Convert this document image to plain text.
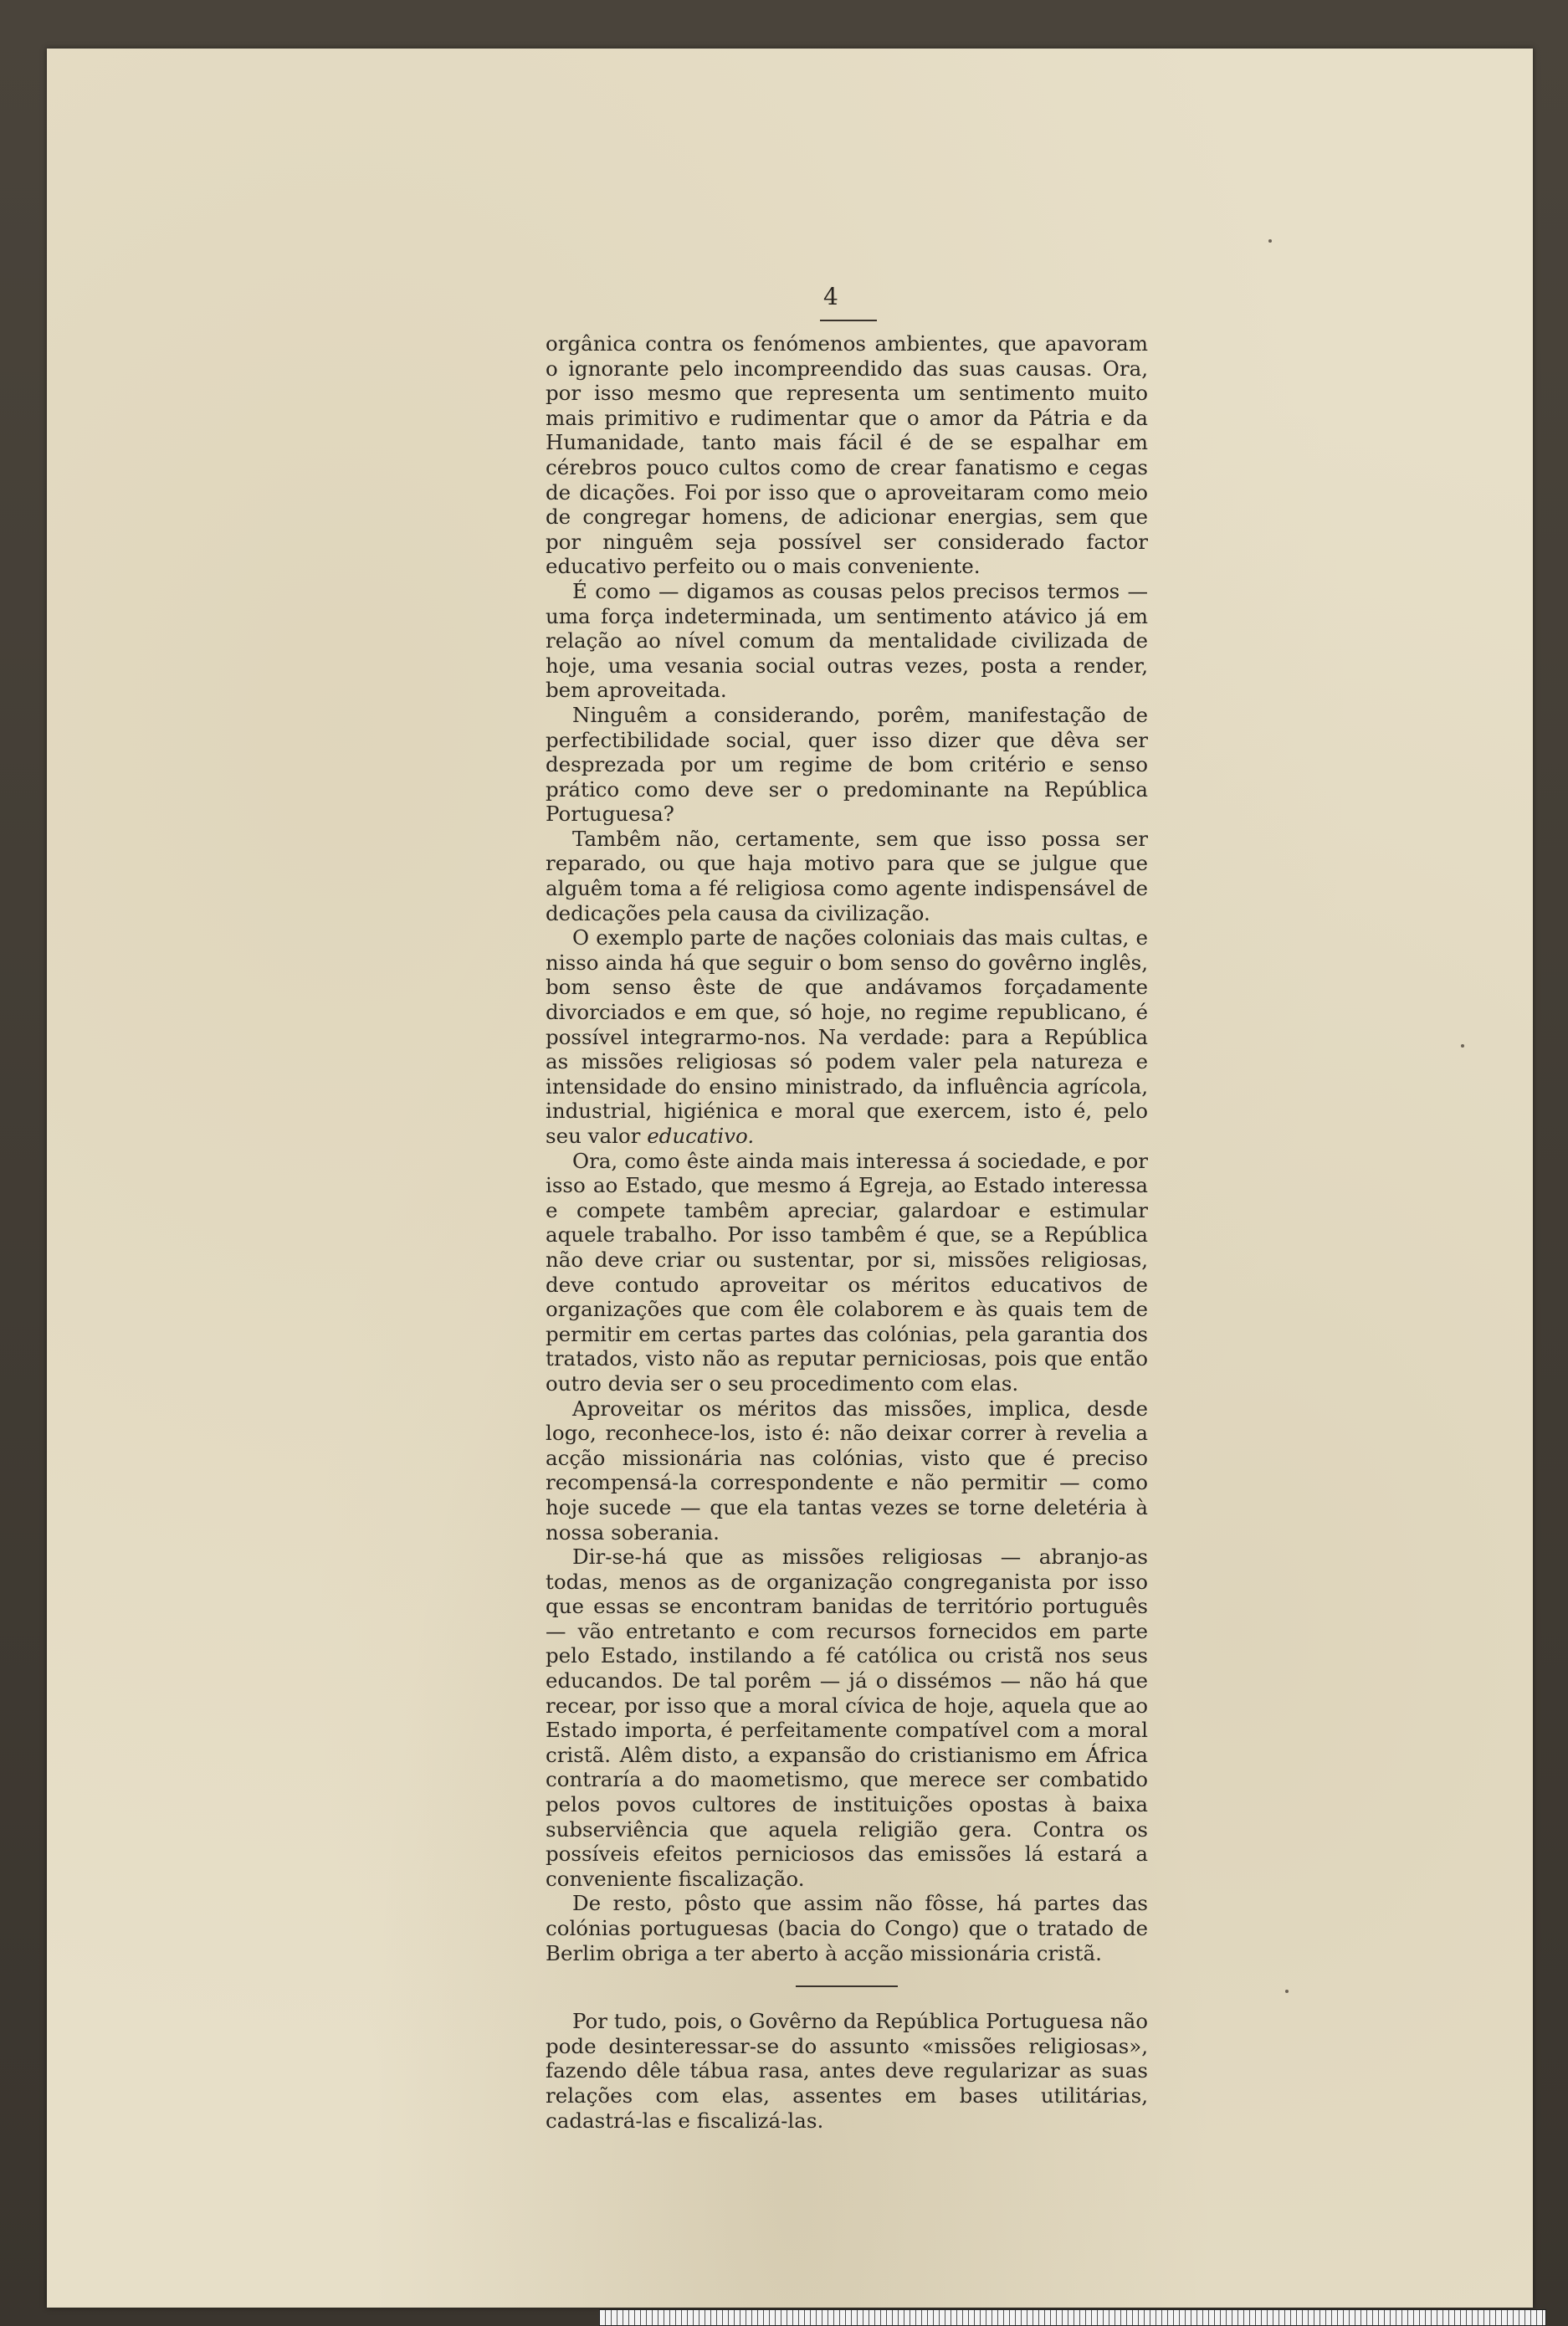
4

orgânica contra os fenómenos ambientes, que apavoram o ignorante pelo incompreendido das suas causas. Ora, por isso mesmo que representa um sentimento muito mais primitivo e rudimentar que o amor da Pátria e da Humanidade, tanto mais fácil é de se espalhar em cérebros pouco cultos como de crear fanatismo e cegas de dicações. Foi por isso que o aproveitaram como meio de congregar homens, de adicionar energias, sem que por ninguêm seja possível ser considerado factor educativo perfeito ou o mais conveniente.

É como — digamos as cousas pelos precisos termos — uma força indeterminada, um sentimento atávico já em relação ao nível comum da mentalidade civilizada de hoje, uma vesania social outras vezes, posta a render, bem aproveitada.

Ninguêm a considerando, porêm, manifestação de perfectibilidade social, quer isso dizer que dêva ser desprezada por um regime de bom critério e senso prático como deve ser o predominante na República Portuguesa?

Tambêm não, certamente, sem que isso possa ser reparado, ou que haja motivo para que se julgue que alguêm toma a fé religiosa como agente indispensável de dedicações pela causa da civilização.

O exemplo parte de nações coloniais das mais cultas, e nisso ainda há que seguir o bom senso do govêrno inglês, bom senso êste de que andávamos forçadamente divorciados e em que, só hoje, no regime republicano, é possível integrarmo-nos. Na verdade: para a República as missões religiosas só podem valer pela natureza e intensidade do ensino ministrado, da influência agrícola, industrial, higiénica e moral que exercem, isto é, pelo seu valor educativo.

Ora, como êste ainda mais interessa á sociedade, e por isso ao Estado, que mesmo á Egreja, ao Estado interessa e compete tambêm apreciar, galardoar e estimular aquele trabalho. Por isso tambêm é que, se a República não deve criar ou sustentar, por si, missões religiosas, deve contudo aproveitar os méritos educativos de organizações que com êle colaborem e às quais tem de permitir em certas partes das colónias, pela garantia dos tratados, visto não as reputar perniciosas, pois que então outro devia ser o seu procedimento com elas.

Aproveitar os méritos das missões, implica, desde logo, reconhece-los, isto é: não deixar correr à revelia a acção missionária nas colónias, visto que é preciso recompensá-la correspondente e não permitir — como hoje sucede — que ela tantas vezes se torne deletéria à nossa soberania.

Dir-se-há que as missões religiosas — abranjo-as todas, menos as de organização congreganista por isso que essas se encontram banidas de território português — vão entretanto e com recursos fornecidos em parte pelo Estado, instilando a fé católica ou cristã nos seus educandos. De tal porêm — já o dissémos — não há que recear, por isso que a moral cívica de hoje, aquela que ao Estado importa, é perfeitamente compatível com a moral cristã. Alêm disto, a expansão do cristianismo em África contraría a do maometismo, que merece ser combatido pelos povos cultores de instituições opostas à baixa subserviência que aquela religião gera. Contra os possíveis efeitos perniciosos das emissões lá estará a conveniente fiscalização.

De resto, pôsto que assim não fôsse, há partes das colónias portuguesas (bacia do Congo) que o tratado de Berlim obriga a ter aberto à acção missionária cristã.

Por tudo, pois, o Govêrno da República Portuguesa não pode desinteressar-se do assunto «missões religiosas», fazendo dêle tábua rasa, antes deve regularizar as suas relações com elas, assentes em bases utilitárias, cadastrá-las e fiscalizá-las.
